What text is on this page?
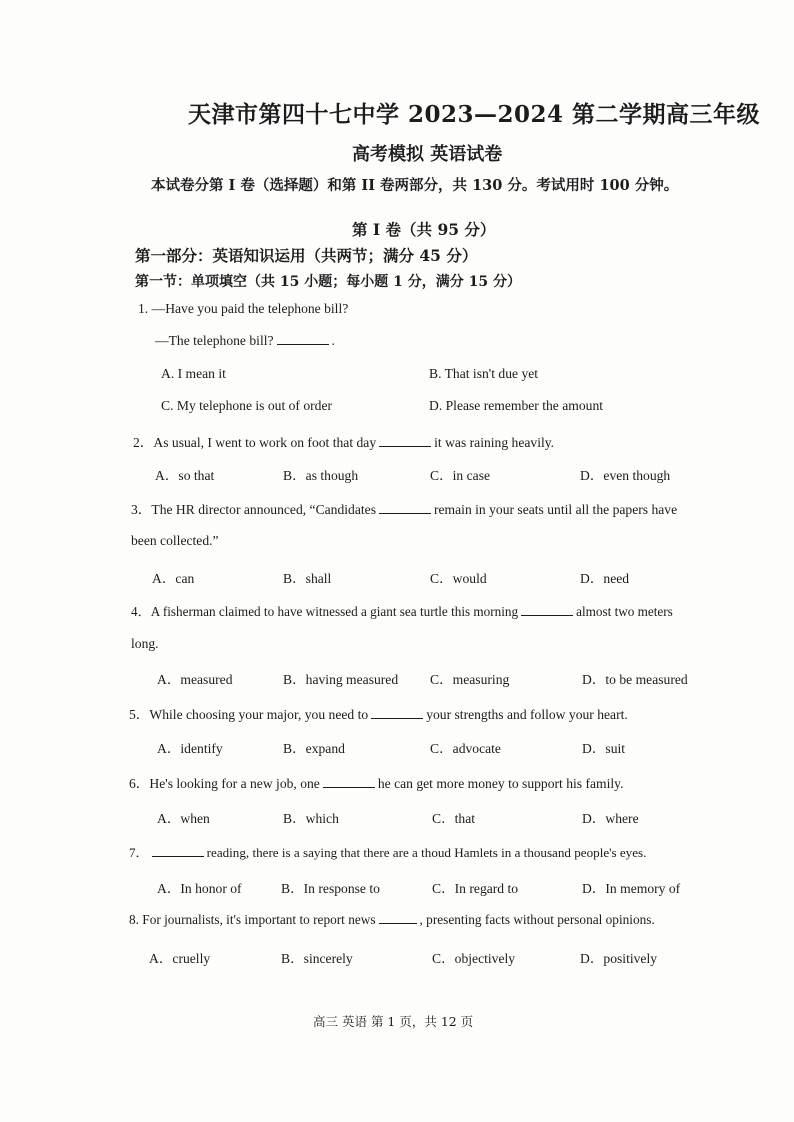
天津市第四十七中学 2023—2024 第二学期高三年级
高考模拟 英语试卷
本试卷分第 I 卷（选择题）和第 II 卷两部分，共 130 分。考试用时 100 分钟。
第 I 卷（共 95 分）
第一部分：英语知识运用（共两节；满分 45 分）
第一节：单项填空（共 15 小题；每小题 1 分，满分 15 分）
1. —Have you paid the telephone bill?
—The telephone bill?	.
A. I mean it	B. That isn't due yet
C. My telephone is out of order	D. Please remember the amount
2．As usual, I went to work on foot that day	it was raining heavily.
A．so that	B．as though	C．in case	D．even though
3．The HR director announced, “Candidates	remain in your seats until all the papers have
been collected.”
A．can	B．shall	C．would	D．need
4．A fisherman claimed to have witnessed a giant sea turtle this morning	almost two meters
long.
A．measured	B．having measured C．measuring	D．to be measured
5．While choosing your major, you need to	your strengths and follow your heart.
A．identify	B．expand	C．advocate	D．suit
6．He's looking for a new job, one	he can get more money to support his family.
A．when	B．which	C．that	D．where
7．	reading, there is a saying that there are a thoud Hamlets in a thousand people's eyes.
A．In honor of	B．In response to	C．In regard to	D．In memory of
8. For journalists, it's important to report news	, presenting facts without personal opinions.
A．cruelly	B．sincerely	C．objectively	D．positively
高三 英语 第 1 页，共 12 页
